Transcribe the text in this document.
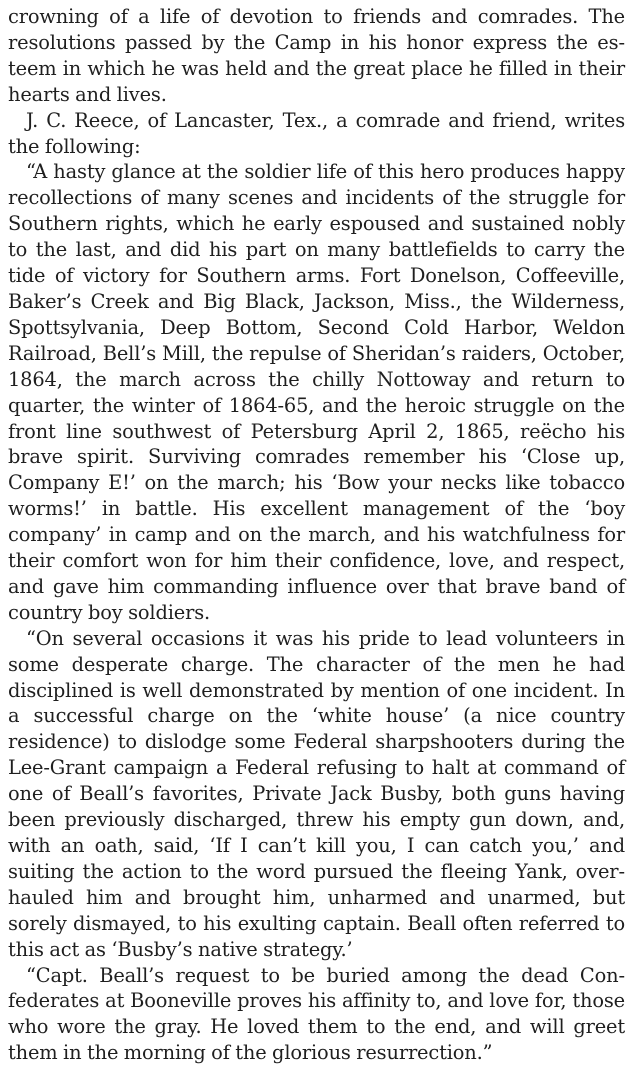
crowning of a life of devotion to friends and comrades. The resolutions passed by the Camp in his honor express the esteem in which he was held and the great place he filled in their hearts and lives.

J. C. Reece, of Lancaster, Tex., a comrade and friend, writes the following:

“A hasty glance at the soldier life of this hero produces happy recollections of many scenes and incidents of the struggle for Southern rights, which he early espoused and sustained nobly to the last, and did his part on many battlefields to carry the tide of victory for Southern arms. Fort Donelson, Coffeeville, Baker’s Creek and Big Black, Jackson, Miss., the Wilderness, Spottsylvania, Deep Bottom, Second Cold Harbor, Weldon Railroad, Bell’s Mill, the repulse of Sheridan’s raiders, October, 1864, the march across the chilly Nottoway and return to quarter, the winter of 1864-65, and the heroic struggle on the front line southwest of Petersburg April 2, 1865, reëcho his brave spirit. Surviving comrades remember his ‘Close up, Company E!’ on the march; his ‘Bow your necks like tobacco worms!’ in battle. His excellent management of the ‘boy company’ in camp and on the march, and his watchfulness for their comfort won for him their confidence, love, and respect, and gave him commanding influence over that brave band of country boy soldiers.

“On several occasions it was his pride to lead volunteers in some desperate charge. The character of the men he had disciplined is well demonstrated by mention of one incident. In a successful charge on the ‘white house’ (a nice country residence) to dislodge some Federal sharpshooters during the Lee-Grant campaign a Federal refusing to halt at command of one of Beall’s favorites, Private Jack Busby, both guns having been previously discharged, threw his empty gun down, and, with an oath, said, ‘If I can’t kill you, I can catch you,’ and suiting the action to the word pursued the fleeing Yank, overhauled him and brought him, unharmed and unarmed, but sorely dismayed, to his exulting captain. Beall often referred to this act as ‘Busby’s native strategy.’

“Capt. Beall’s request to be buried among the dead Confederates at Booneville proves his affinity to, and love for, those who wore the gray. He loved them to the end, and will greet them in the morning of the glorious resurrection.”
